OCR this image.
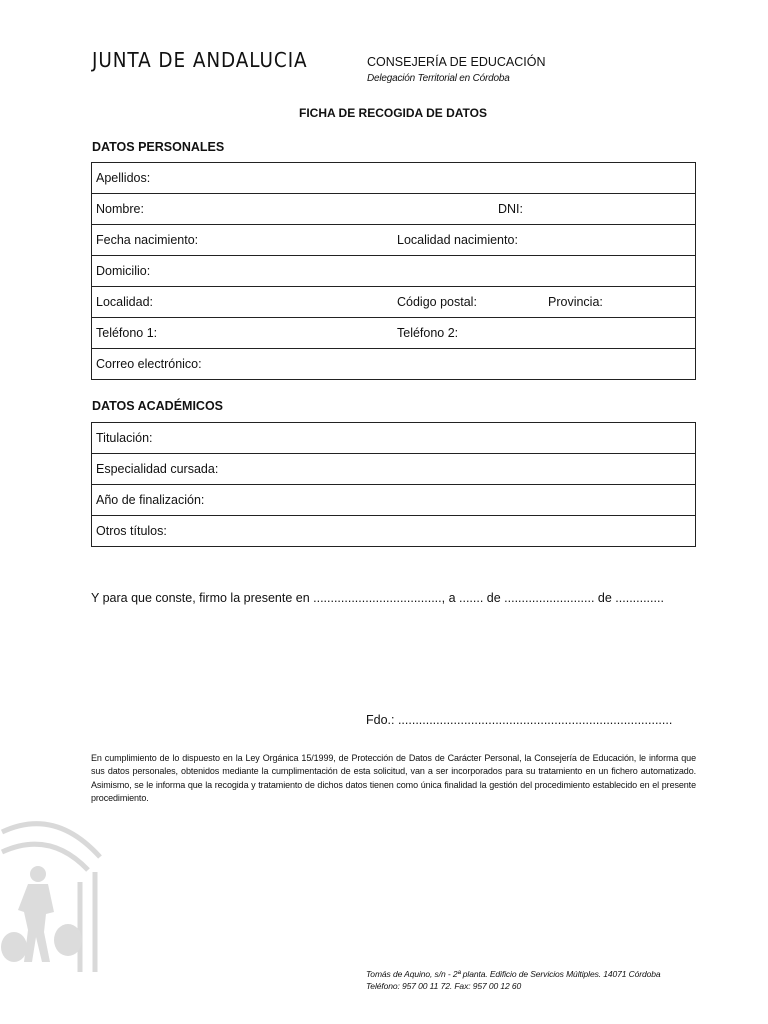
JUNTA DE ANDALUCIA	CONSEJERÍA DE EDUCACIÓN
Delegación Territorial en Córdoba
FICHA DE RECOGIDA DE DATOS
DATOS PERSONALES
Apellidos:

Nombre:	DNI:

Fecha nacimiento:	Localidad nacimiento:

Domicilio:

Localidad:	Código postal:	Provincia:

Teléfono 1:	Teléfono 2:

Correo electrónico:
DATOS ACADÉMICOS
Titulación:

Especialidad cursada:

Año de finalización:

Otros títulos:
Y para que conste, firmo la presente en ....................................., a ....... de .......................... de ..............
Fdo.: ...............................................................................
En cumplimiento de lo dispuesto en la Ley Orgánica 15/1999, de Protección de Datos de Carácter Personal, la Consejería de Educación, le informa que sus datos personales, obtenidos mediante la cumplimentación de esta solicitud, van a ser incorporados para su tratamiento en un fichero automatizado. Asimismo, se le informa que la recogida y tratamiento de dichos datos tienen como única finalidad la gestión del procedimiento establecido en el presente procedimiento.
Tomás de Aquino, s/n - 2ª planta. Edificio de Servicios Múltiples. 14071 Córdoba
Teléfono: 957 00 11 72. Fax: 957 00 12 60
